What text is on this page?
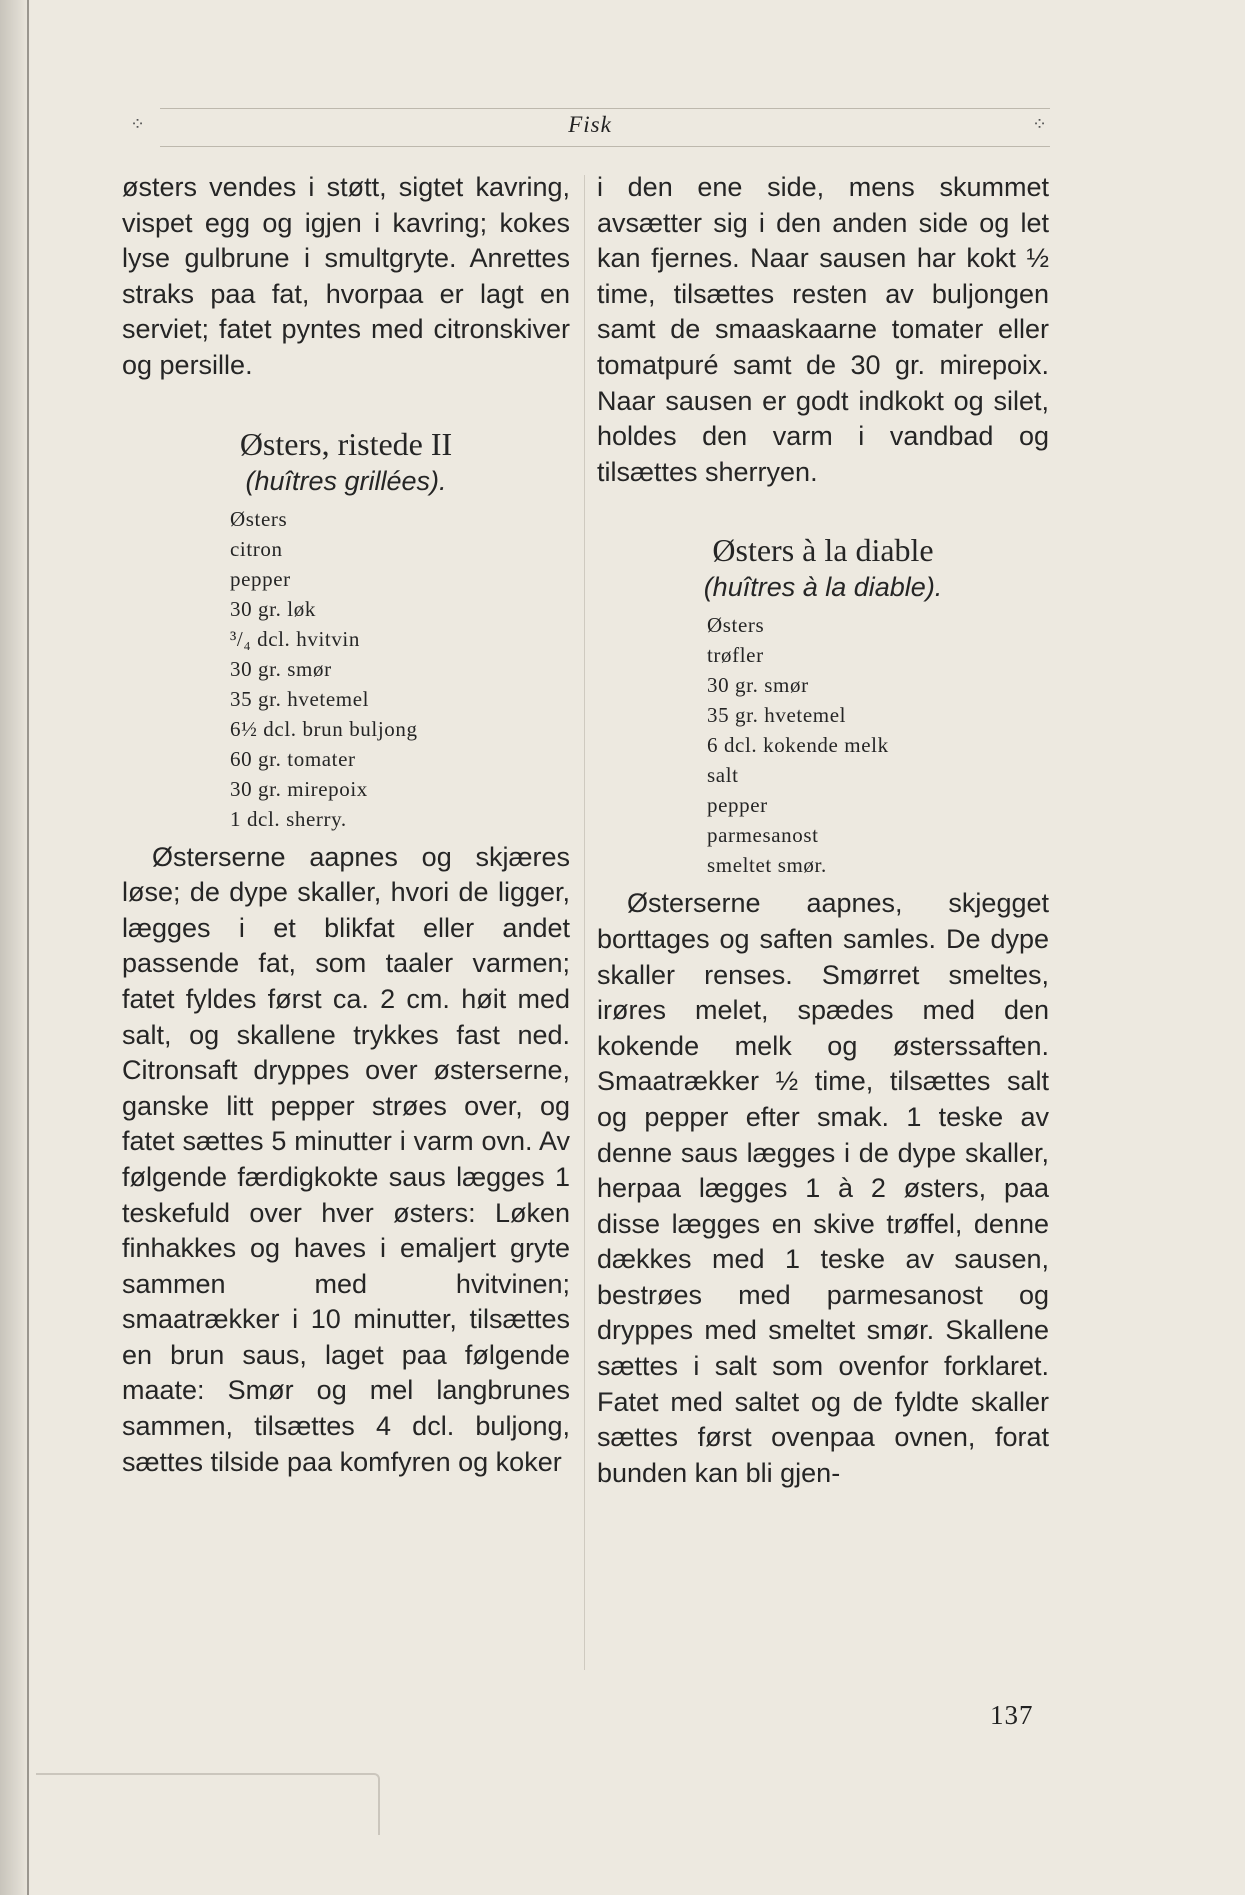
⁘	⁘
Fisk

østers vendes i støtt, sigtet kavring, vispet egg og igjen i kavring; kokes lyse gulbrune i smultgryte. Anrettes straks paa fat, hvorpaa er lagt en serviet; fatet pyntes med citronskiver og persille.

Østers, ristede II
(huîtres grillées).
Østers
citron
pepper
30 gr. løk
³/₄ dcl. hvitvin
30 gr. smør
35 gr. hvetemel
6½ dcl. brun buljong
60 gr. tomater
30 gr. mirepoix
1 dcl. sherry.

Østerserne aapnes og skjæres løse; de dype skaller, hvori de ligger, lægges i et blikfat eller andet passende fat, som taaler varmen; fatet fyldes først ca. 2 cm. høit med salt, og skallene trykkes fast ned. Citronsaft dryppes over østerserne, ganske litt pepper strøes over, og fatet sættes 5 minutter i varm ovn. Av følgende færdigkokte saus lægges 1 teskefuld over hver østers: Løken finhakkes og haves i emaljert gryte sammen med hvitvinen; smaatrækker i 10 minutter, tilsættes en brun saus, laget paa følgende maate: Smør og mel langbrunes sammen, tilsættes 4 dcl. buljong, sættes tilside paa komfyren og koker

i den ene side, mens skummet avsætter sig i den anden side og let kan fjernes. Naar sausen har kokt ½ time, tilsættes resten av buljongen samt de smaaskaarne tomater eller tomatpuré samt de 30 gr. mirepoix. Naar sausen er godt indkokt og silet, holdes den varm i vandbad og tilsættes sherryen.

Østers à la diable
(huîtres à la diable).
Østers
trøfler
30 gr. smør
35 gr. hvetemel
6 dcl. kokende melk
salt
pepper
parmesanost
smeltet smør.

Østerserne aapnes, skjegget borttages og saften samles. De dype skaller renses. Smørret smeltes, irøres melet, spædes med den kokende melk og østerssaften. Smaatrækker ½ time, tilsættes salt og pepper efter smak. 1 teske av denne saus lægges i de dype skaller, herpaa lægges 1 à 2 østers, paa disse lægges en skive trøffel, denne dækkes med 1 teske av sausen, bestrøes med parmesanost og dryppes med smeltet smør. Skallene sættes i salt som ovenfor forklaret. Fatet med saltet og de fyldte skaller sættes først ovenpaa ovnen, forat bunden kan bli gjen-

137
